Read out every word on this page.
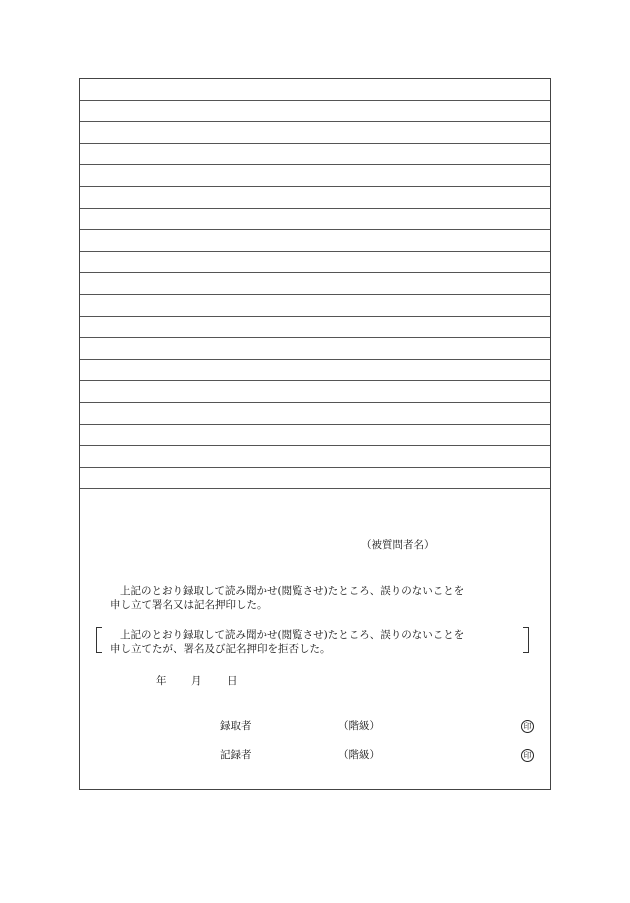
（被質問者名）
上記のとおり録取して読み聞かせ(閲覧させ)たところ、誤りのないことを
申し立て署名又は記名押印した。
上記のとおり録取して読み聞かせ(閲覧させ)たところ、誤りのないことを
申し立てたが、署名及び記名押印を拒否した。
年 月 日
録取者	（階級）	印
記録者	（階級）	印
